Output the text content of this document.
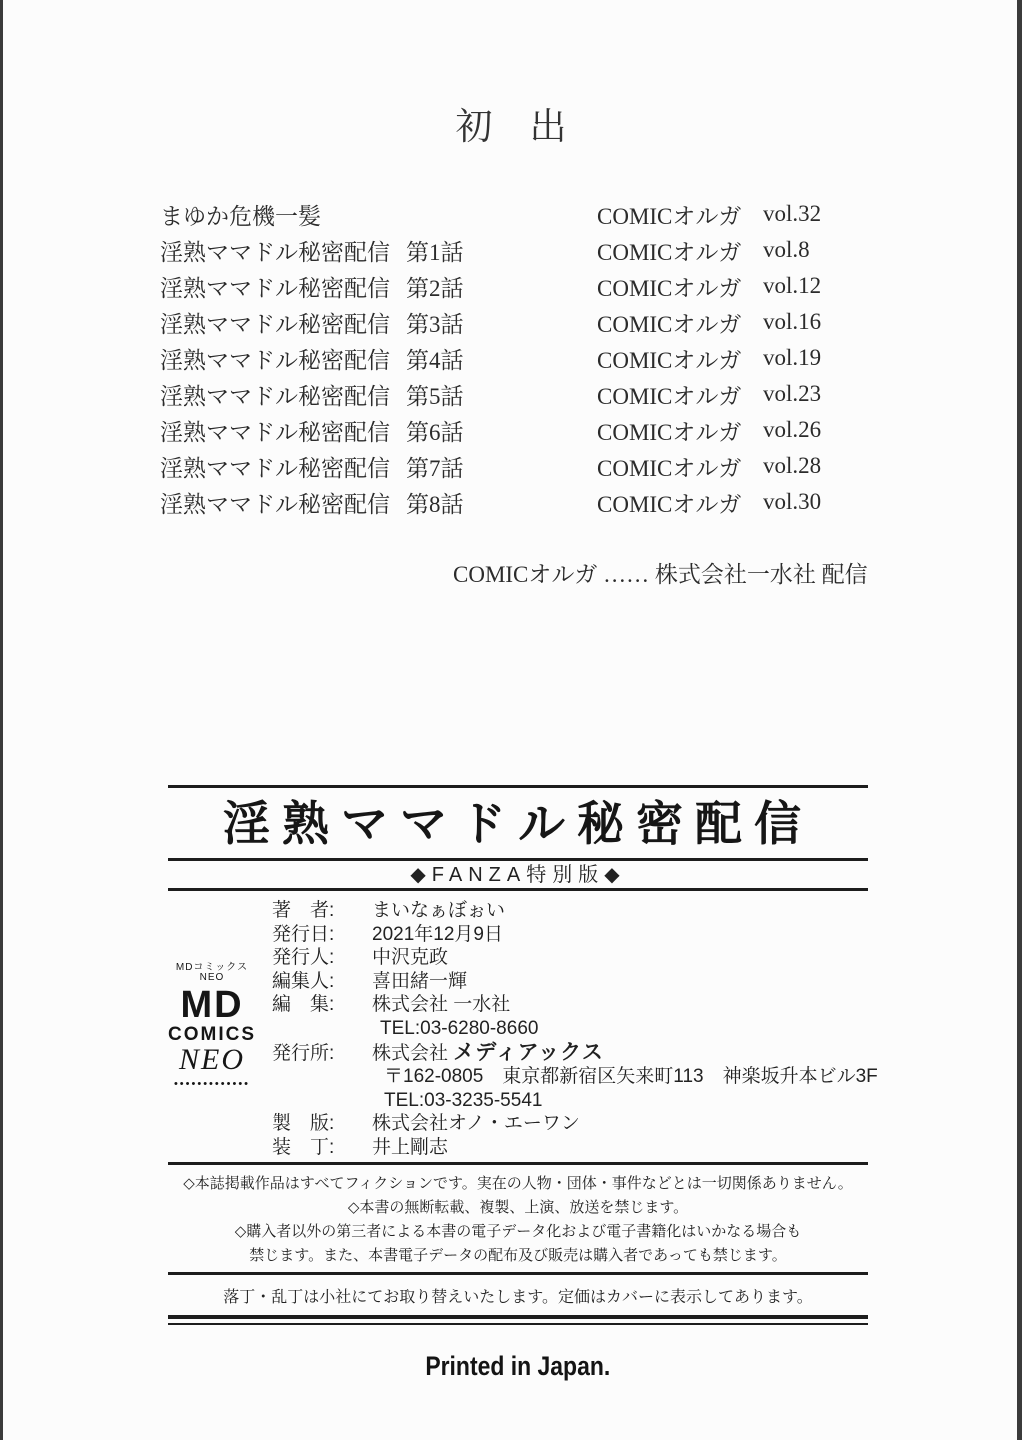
初　出
まゆか危機一髪	COMICオルガ vol.32
淫熟ママドル秘密配信 第1話	COMICオルガ vol.8
淫熟ママドル秘密配信 第2話	COMICオルガ vol.12
淫熟ママドル秘密配信 第3話	COMICオルガ vol.16
淫熟ママドル秘密配信 第4話	COMICオルガ vol.19
淫熟ママドル秘密配信 第5話	COMICオルガ vol.23
淫熟ママドル秘密配信 第6話	COMICオルガ vol.26
淫熟ママドル秘密配信 第7話	COMICオルガ vol.28
淫熟ママドル秘密配信 第8話	COMICオルガ vol.30
COMICオルガ …… 株式会社一水社 配信
淫熟ママドル秘密配信
◆FANZA特別版◆
MDコミックスNEO
MD
COMICS
NEO
•••••••••••••
著　者: まいなぁぼぉい
発行日: 2021年12月9日
発行人: 中沢克政
編集人: 喜田緒一輝
編　集: 株式会社 一水社
TEL:03-6280-8660
発行所: 株式会社 メディアックス
〒162-0805　東京都新宿区矢来町113　神楽坂升本ビル3F
TEL:03-3235-5541
製　版: 株式会社オノ・エーワン
装　丁: 井上剛志
◇本誌掲載作品はすべてフィクションです。実在の人物・団体・事件などとは一切関係ありません。
◇本書の無断転載、複製、上演、放送を禁じます。
◇購入者以外の第三者による本書の電子データ化および電子書籍化はいかなる場合も
禁じます。また、本書電子データの配布及び販売は購入者であっても禁じます。
落丁・乱丁は小社にてお取り替えいたします。定価はカバーに表示してあります。
Printed in Japan.
